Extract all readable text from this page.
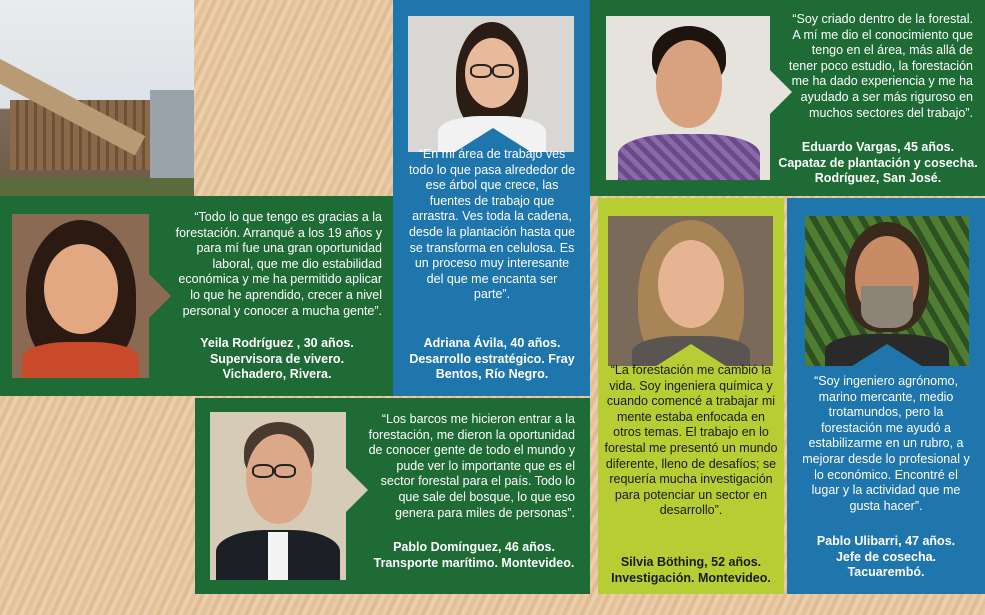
“Todo lo que tengo es gracias a la forestación. Arranqué a los 19 años y para mí fue una gran oportunidad laboral, que me dio estabilidad económica y me ha permitido aplicar lo que he aprendido, crecer a nivel personal y conocer a mucha gente”.
Yeila Rodríguez , 30 años.
Supervisora de vivero.
Vichadero, Rivera.
“En mi área de trabajo ves todo lo que pasa alrededor de ese árbol que crece, las fuentes de trabajo que arrastra. Ves toda la cadena, desde la plantación hasta que se transforma en celulosa. Es un proceso muy interesante del que me encanta ser parte”.
Adriana Ávila, 40 años.
Desarrollo estratégico. Fray
Bentos, Río Negro.
“Soy criado dentro de la forestal. A mí me dio el conocimiento que tengo en el área, más allá de tener poco estudio, la forestación me ha dado experiencia y me ha ayudado a ser más riguroso en muchos sectores del trabajo”.
Eduardo Vargas, 45 años.
Capataz de plantación y cosecha.
Rodríguez, San José.
“La forestación me cambió la vida. Soy ingeniera química y cuando comencé a trabajar mi mente estaba enfocada en otros temas. El trabajo en lo forestal me presentó un mundo diferente, lleno de desafíos; se requería mucha investigación para potenciar un sector en desarrollo”.
Silvia Böthing, 52 años.
Investigación. Montevideo.
“Soy ingeniero agrónomo, marino mercante, medio trotamundos, pero la forestación me ayudó a estabilizarme en un rubro, a mejorar desde lo profesional y lo económico. Encontré el lugar y la actividad que me gusta hacer”.
Pablo Ulibarri, 47 años.
Jefe de cosecha.
Tacuarembó.
“Los barcos me hicieron entrar a la forestación, me dieron la oportunidad de conocer gente de todo el mundo y pude ver lo importante que es el sector forestal para el país. Todo lo que sale del bosque, lo que eso genera para miles de personas”.
Pablo Domínguez, 46 años.
Transporte marítimo. Montevideo.
